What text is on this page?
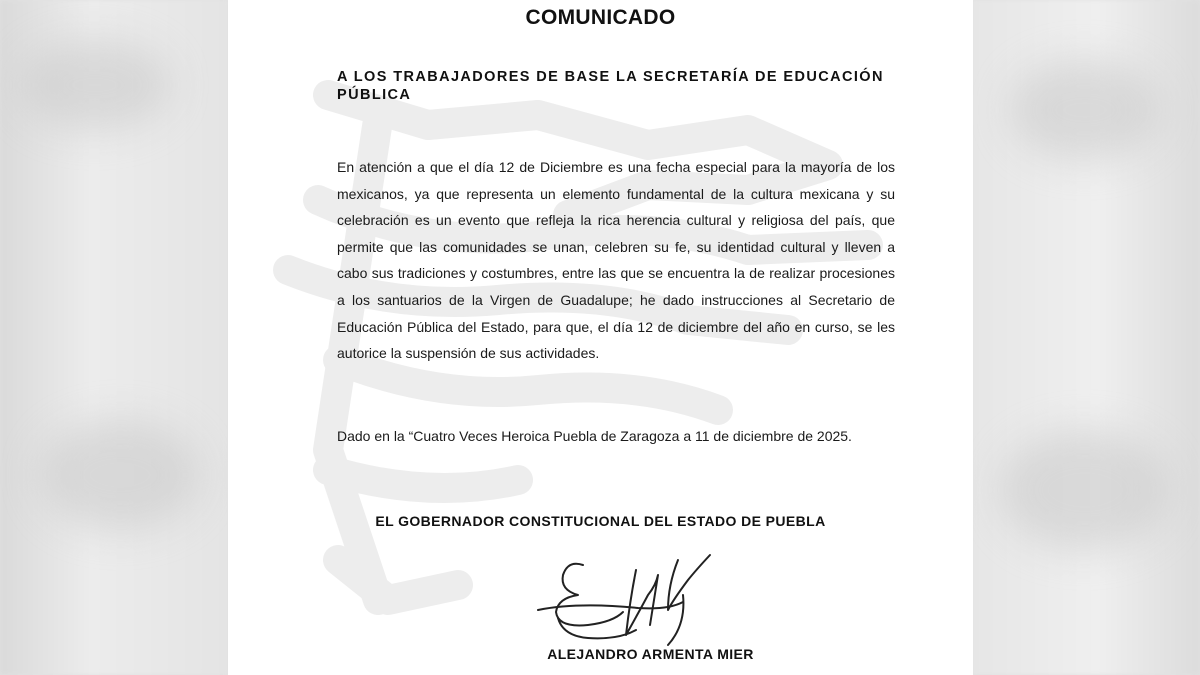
COMUNICADO
A LOS TRABAJADORES DE BASE LA SECRETARÍA DE EDUCACIÓN
PÚBLICA
En atención a que el día 12 de Diciembre es una fecha especial para la mayoría de los mexicanos, ya que representa un elemento fundamental de la cultura mexicana y su celebración es un evento que refleja la rica herencia cultural y religiosa del país, que permite que las comunidades se unan, celebren su fe, su identidad cultural y lleven a cabo sus tradiciones y costumbres, entre las que se encuentra la de realizar procesiones a los santuarios de la Virgen de Guadalupe; he dado instrucciones al Secretario de Educación Pública del Estado, para que, el día 12 de diciembre del año en curso, se les autorice la suspensión de sus actividades.
Dado en la “Cuatro Veces Heroica Puebla de Zaragoza a 11 de diciembre de 2025.
EL GOBERNADOR CONSTITUCIONAL DEL ESTADO DE PUEBLA
ALEJANDRO ARMENTA MIER
